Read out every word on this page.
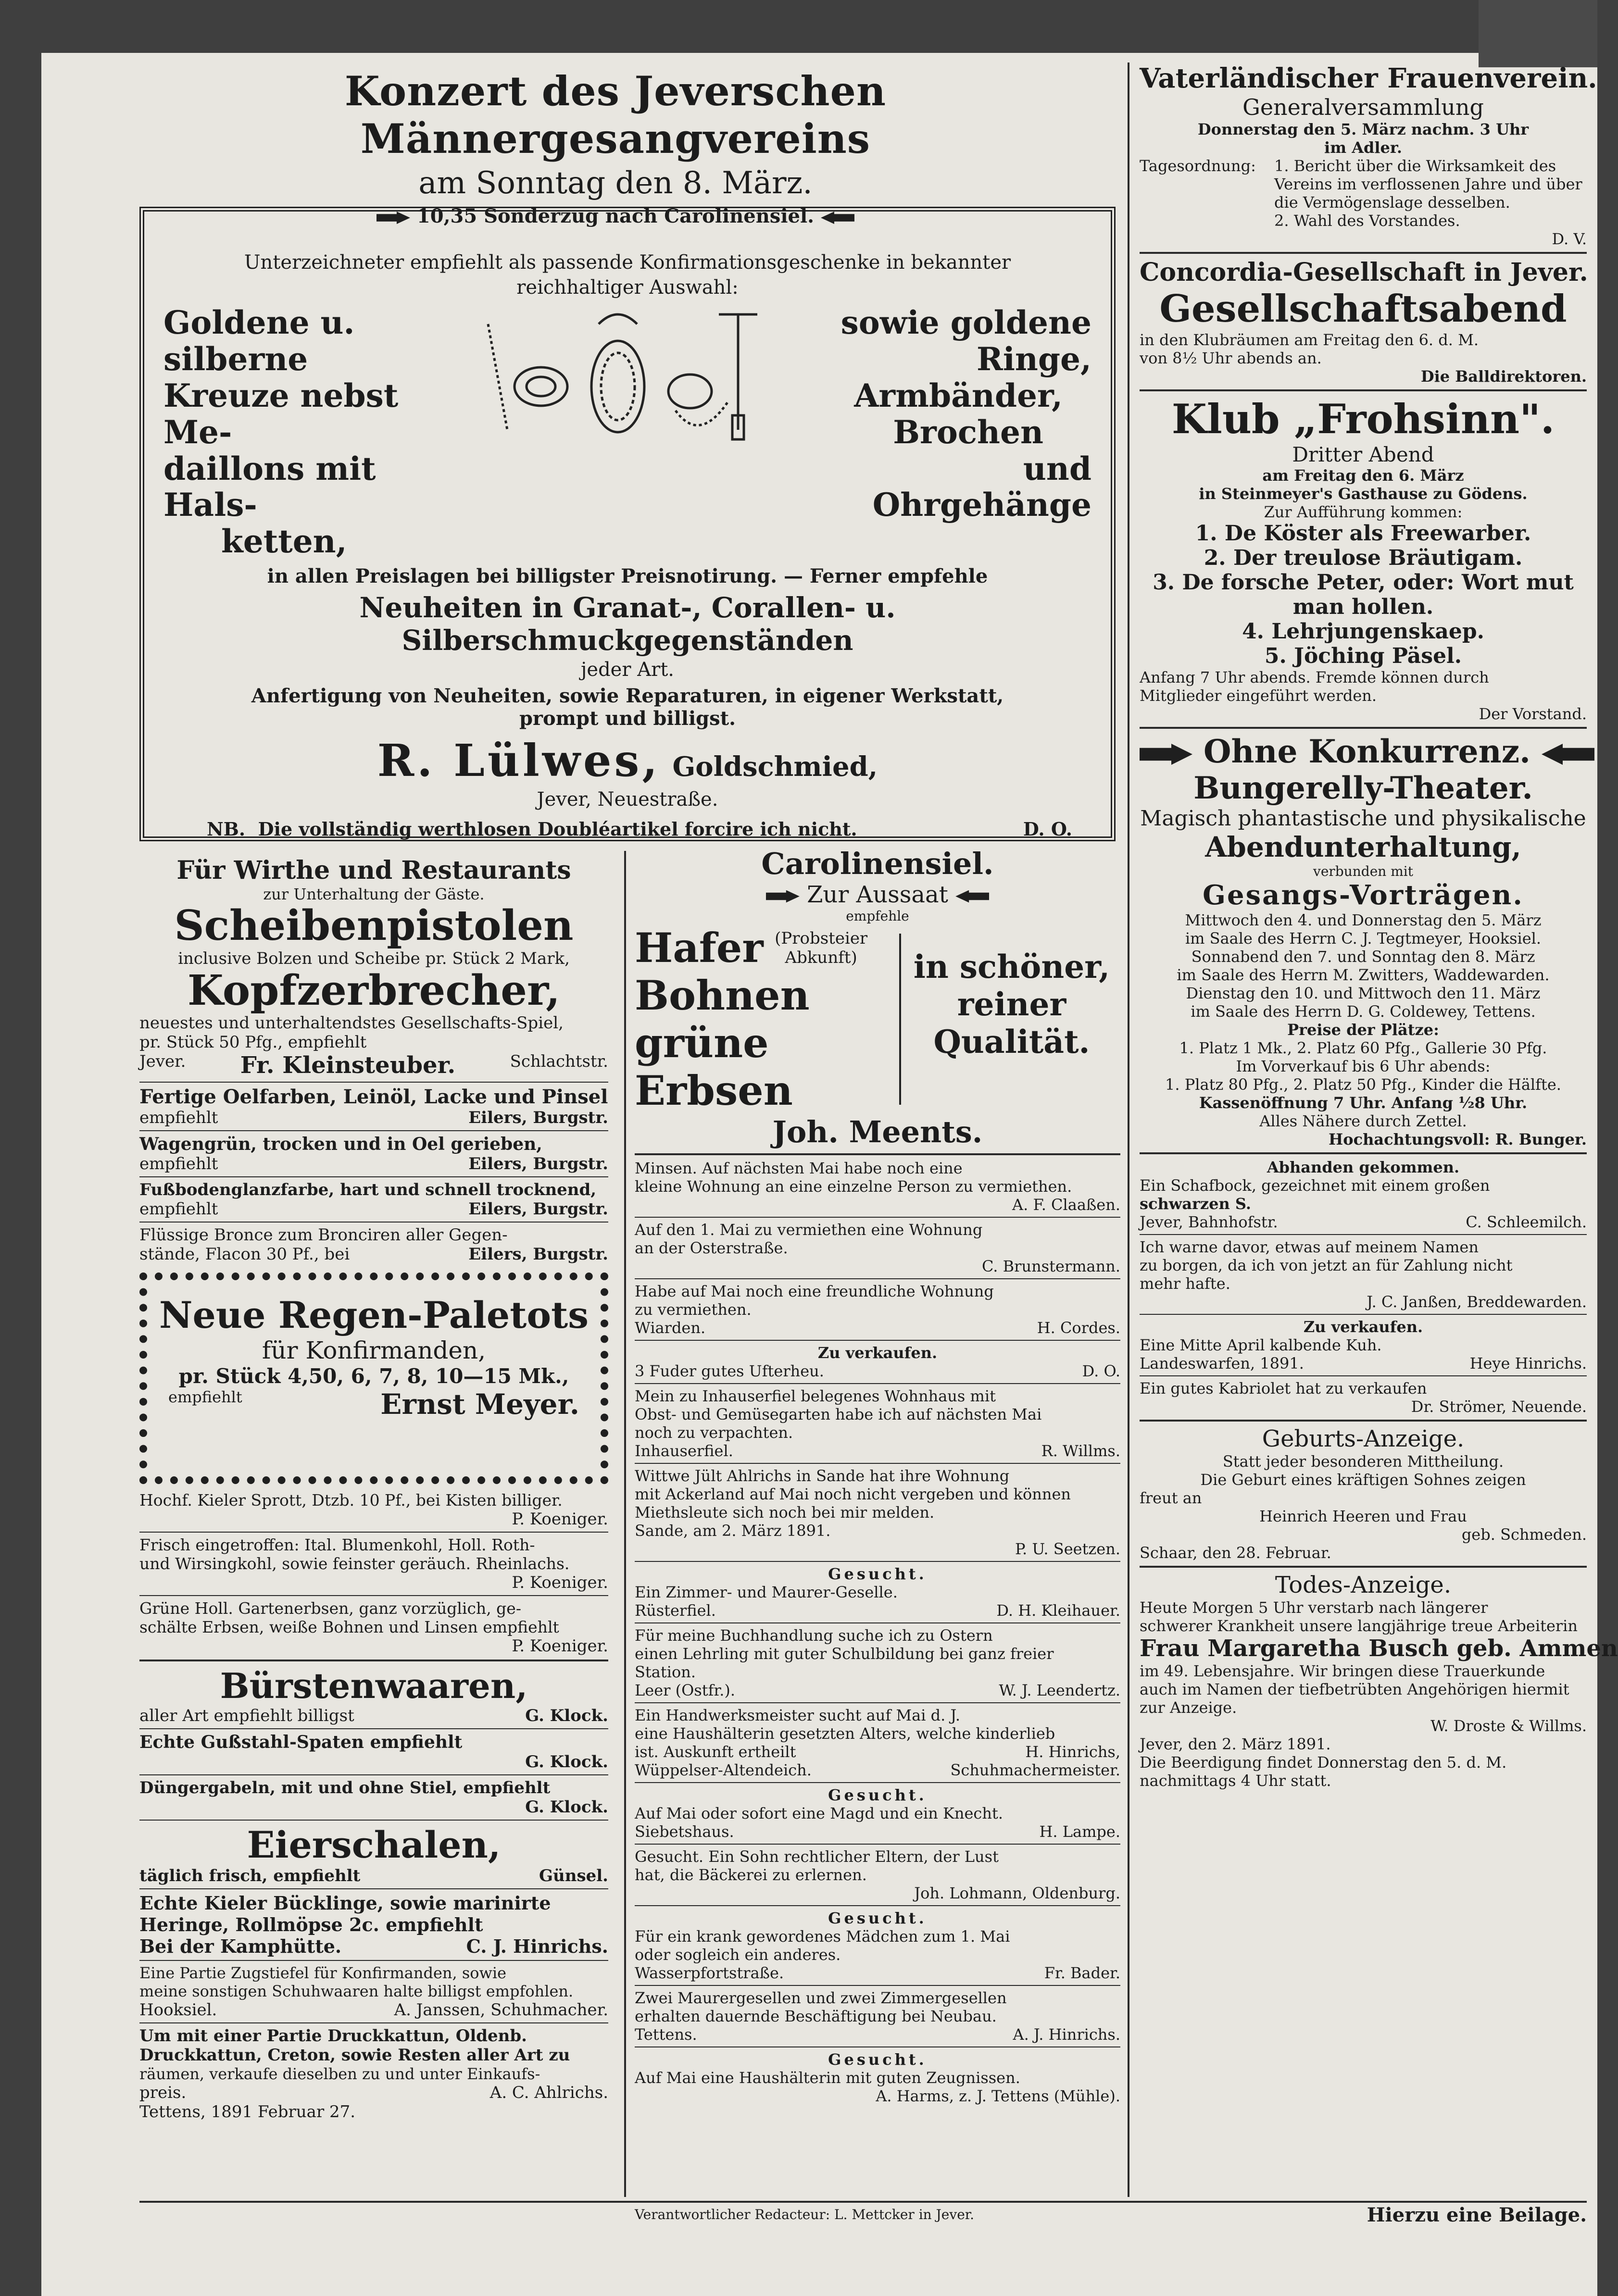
Konzert des Jeverschen Männergesangvereins
am Sonntag den 8. März.
10,35 Sonderzug nach Carolinensiel.
Unterzeichneter empfiehlt als passende Konfirmationsgeschenke in bekannter reichhaltiger Auswahl:
Goldene u. silberne
Kreuze nebst Me-
daillons mit Hals-
ketten,
sowie goldene Ringe,
Armbänder,
Brochen
und Ohrgehänge
in allen Preislagen bei billigster Preisnotirung. — Ferner empfehle
Neuheiten in Granat-, Corallen- u. Silberschmuckgegenständen
jeder Art.
Anfertigung von Neuheiten, sowie Reparaturen, in eigener Werkstatt,
prompt und billigst.
R. Lülwes, Goldschmied,
Jever, Neuestraße.
NB. Die vollständig werthlosen Doubléartikel forcire ich nicht.	D. O.
Für Wirthe und Restaurants
zur Unterhaltung der Gäste.
Scheibenpistolen
inclusive Bolzen und Scheibe pr. Stück 2 Mark,
Kopfzerbrecher,
neuestes und unterhaltendstes Gesellschafts-Spiel,
pr. Stück 50 Pfg., empfiehlt
Jever. Fr. Kleinsteuber.	Schlachtstr.
Fertige Oelfarben, Leinöl, Lacke und Pinsel
empfiehlt	Eilers, Burgstr.
Wagengrün, trocken und in Oel gerieben,
empfiehlt	Eilers, Burgstr.
Fußbodenglanzfarbe, hart und schnell trocknend,
empfiehlt	Eilers, Burgstr.
Flüssige Bronce zum Bronciren aller Gegen-
stände, Flacon 30 Pf., bei	Eilers, Burgstr.
Neue Regen-Paletots
für Konfirmanden,
pr. Stück 4,50, 6, 7, 8, 10—15 Mk.,
empfiehlt	Ernst Meyer.
Hochf. Kieler Sprott, Dtzb. 10 Pf., bei Kisten billiger.
P. Koeniger.
Frisch eingetroffen: Ital. Blumenkohl, Holl. Roth-
und Wirsingkohl, sowie feinster geräuch. Rheinlachs.
P. Koeniger.
Grüne Holl. Gartenerbsen, ganz vorzüglich, ge-
schälte Erbsen, weiße Bohnen und Linsen empfiehlt
P. Koeniger.
Bürstenwaaren,
aller Art empfiehlt billigst	G. Klock.
Echte Gußstahl-Spaten empfiehlt
G. Klock.
Düngergabeln, mit und ohne Stiel, empfiehlt
G. Klock.
Eierschalen,
täglich frisch, empfiehlt	Günsel.
Echte Kieler Bücklinge, sowie marinirte
Heringe, Rollmöpse 2c. empfiehlt
Bei der Kamphütte.	C. J. Hinrichs.
Eine Partie Zugstiefel für Konfirmanden, sowie
meine sonstigen Schuhwaaren halte billigst empfohlen.
Hooksiel.	A. Janssen, Schuhmacher.
Um mit einer Partie Druckkattun, Oldenb.
Druckkattun, Creton, sowie Resten aller Art zu
räumen, verkaufe dieselben zu und unter Einkaufs-
preis.	A. C. Ahlrichs.
Tettens, 1891 Februar 27.
Carolinensiel.
Zur Aussaat
empfehle
Hafer (Probsteier Abkunft)
Bohnen
grüne Erbsen
in schöner,
reiner
Qualität.
Joh. Meents.
Minsen. Auf nächsten Mai habe noch eine
kleine Wohnung an eine einzelne Person zu vermiethen.
A. F. Claaßen.
Auf den 1. Mai zu vermiethen eine Wohnung
an der Osterstraße.
C. Brunstermann.
Habe auf Mai noch eine freundliche Wohnung
zu vermiethen.
Wiarden.	H. Cordes.
Zu verkaufen.
3 Fuder gutes Ufterheu.	D. O.
Mein zu Inhauserfiel belegenes Wohnhaus mit
Obst- und Gemüsegarten habe ich auf nächsten Mai
noch zu verpachten.
Inhauserfiel.	R. Willms.
Wittwe Jült Ahlrichs in Sande hat ihre Wohnung
mit Ackerland auf Mai noch nicht vergeben und können
Miethsleute sich noch bei mir melden.
Sande, am 2. März 1891.
P. U. Seetzen.
Gesucht.
Ein Zimmer- und Maurer-Geselle.
Rüsterfiel.	D. H. Kleihauer.
Für meine Buchhandlung suche ich zu Ostern
einen Lehrling mit guter Schulbildung bei ganz freier
Station.
Leer (Ostfr.).	W. J. Leendertz.
Ein Handwerksmeister sucht auf Mai d. J.
eine Haushälterin gesetzten Alters, welche kinderlieb
ist. Auskunft ertheilt	H. Hinrichs,
Wüppelser-Altendeich.	Schuhmachermeister.
Gesucht.
Auf Mai oder sofort eine Magd und ein Knecht.
Siebetshaus.	H. Lampe.
Gesucht. Ein Sohn rechtlicher Eltern, der Lust
hat, die Bäckerei zu erlernen.
Joh. Lohmann, Oldenburg.
Gesucht.
Für ein krank gewordenes Mädchen zum 1. Mai
oder sogleich ein anderes.
Wasserpfortstraße.	Fr. Bader.
Zwei Maurergesellen und zwei Zimmergesellen
erhalten dauernde Beschäftigung bei Neubau.
Tettens.	A. J. Hinrichs.
Gesucht.
Auf Mai eine Haushälterin mit guten Zeugnissen.
A. Harms, z. J. Tettens (Mühle).
Vaterländischer Frauenverein.
Generalversammlung
Donnerstag den 5. März nachm. 3 Uhr
im Adler.
Tagesordnung:	1. Bericht über die Wirksamkeit des Vereins im verflossenen Jahre und über die Vermögenslage desselben.
2. Wahl des Vorstandes.
D. V.
Concordia-Gesellschaft in Jever.
Gesellschaftsabend
in den Klubräumen am Freitag den 6. d. M.
von 8½ Uhr abends an.
Die Balldirektoren.
Klub „Frohsinn".
Dritter Abend
am Freitag den 6. März
in Steinmeyer's Gasthause zu Gödens.
Zur Aufführung kommen:
1. De Köster als Freewarber.
2. Der treulose Bräutigam.
3. De forsche Peter, oder: Wort mut
man hollen.
4. Lehrjungenskaep.
5. Jöching Päsel.
Anfang 7 Uhr abends. Fremde können durch
Mitglieder eingeführt werden.
Der Vorstand.
Ohne Konkurrenz.
Bungerelly-Theater.
Magisch phantastische und physikalische
Abendunterhaltung,
verbunden mit
Gesangs-Vorträgen.
Mittwoch den 4. und Donnerstag den 5. März
im Saale des Herrn C. J. Tegtmeyer, Hooksiel.
Sonnabend den 7. und Sonntag den 8. März
im Saale des Herrn M. Zwitters, Waddewarden.
Dienstag den 10. und Mittwoch den 11. März
im Saale des Herrn D. G. Coldewey, Tettens.
Preise der Plätze:
1. Platz 1 Mk., 2. Platz 60 Pfg., Gallerie 30 Pfg.
Im Vorverkauf bis 6 Uhr abends:
1. Platz 80 Pfg., 2. Platz 50 Pfg., Kinder die Hälfte.
Kassenöffnung 7 Uhr. Anfang ½8 Uhr.
Alles Nähere durch Zettel.
Hochachtungsvoll: R. Bunger.
Abhanden gekommen.
Ein Schafbock, gezeichnet mit einem großen
schwarzen S.
Jever, Bahnhofstr.	C. Schleemilch.
Ich warne davor, etwas auf meinem Namen
zu borgen, da ich von jetzt an für Zahlung nicht
mehr hafte.
J. C. Janßen, Breddewarden.
Zu verkaufen.
Eine Mitte April kalbende Kuh.
Landeswarfen, 1891.	Heye Hinrichs.
Ein gutes Kabriolet hat zu verkaufen
Dr. Strömer, Neuende.
Geburts-Anzeige.
Statt jeder besonderen Mittheilung.
Die Geburt eines kräftigen Sohnes zeigen
freut an
Heinrich Heeren und Frau
geb. Schmeden.
Schaar, den 28. Februar.
Todes-Anzeige.
Heute Morgen 5 Uhr verstarb nach längerer
schwerer Krankheit unsere langjährige treue Arbeiterin
Frau Margaretha Busch geb. Ammen
im 49. Lebensjahre. Wir bringen diese Trauerkunde
auch im Namen der tiefbetrübten Angehörigen hiermit
zur Anzeige.
W. Droste & Willms.
Jever, den 2. März 1891.
Die Beerdigung findet Donnerstag den 5. d. M.
nachmittags 4 Uhr statt.
Verantwortlicher Redacteur: L. Mettcker in Jever.	Hierzu eine Beilage.
